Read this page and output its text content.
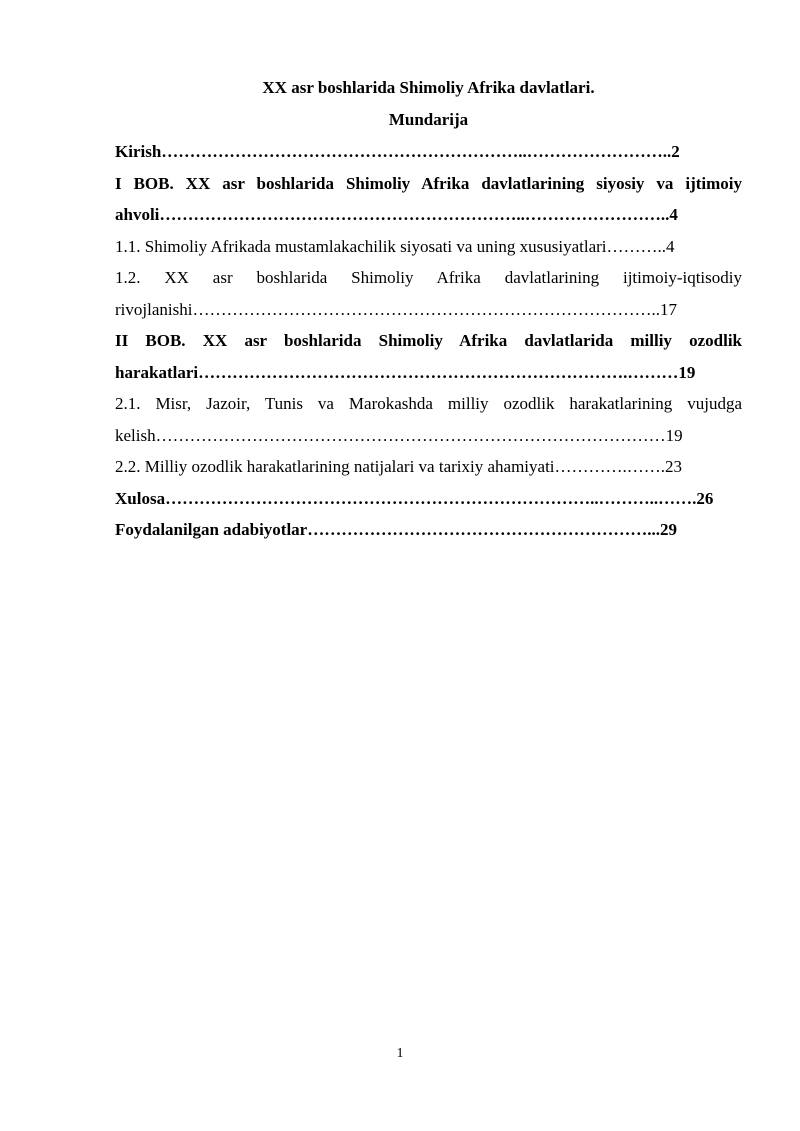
XX asr boshlarida Shimoliy Afrika davlatlari.

Mundarija

Kirish………………………………………………………..……………………..2

I BOB. XX asr boshlarida Shimoliy Afrika davlatlarining siyosiy va ijtimoiy
ahvoli………………………………………………………..……………………..4

1.1. Shimoliy Afrikada mustamlakachilik siyosati va uning xususiyatlari………..4

1.2. XX asr boshlarida Shimoliy Afrika davlatlarining ijtimoiy-iqtisodiy
rivojlanishi………………………………………………………………………..17

II BOB. XX asr boshlarida Shimoliy Afrika davlatlarida milliy ozodlik
harakatlari………………………………………………………………….………19

2.1. Misr, Jazoir, Tunis va Marokashda milliy ozodlik harakatlarining vujudga
kelish………………………………………………………………………………19

2.2. Milliy ozodlik harakatlarining natijalari va tarixiy ahamiyati………….…….23

Xulosa…………………………………………………………………..………..…….26

Foydalanilgan adabiyotlar……………………………………………………...29

1
